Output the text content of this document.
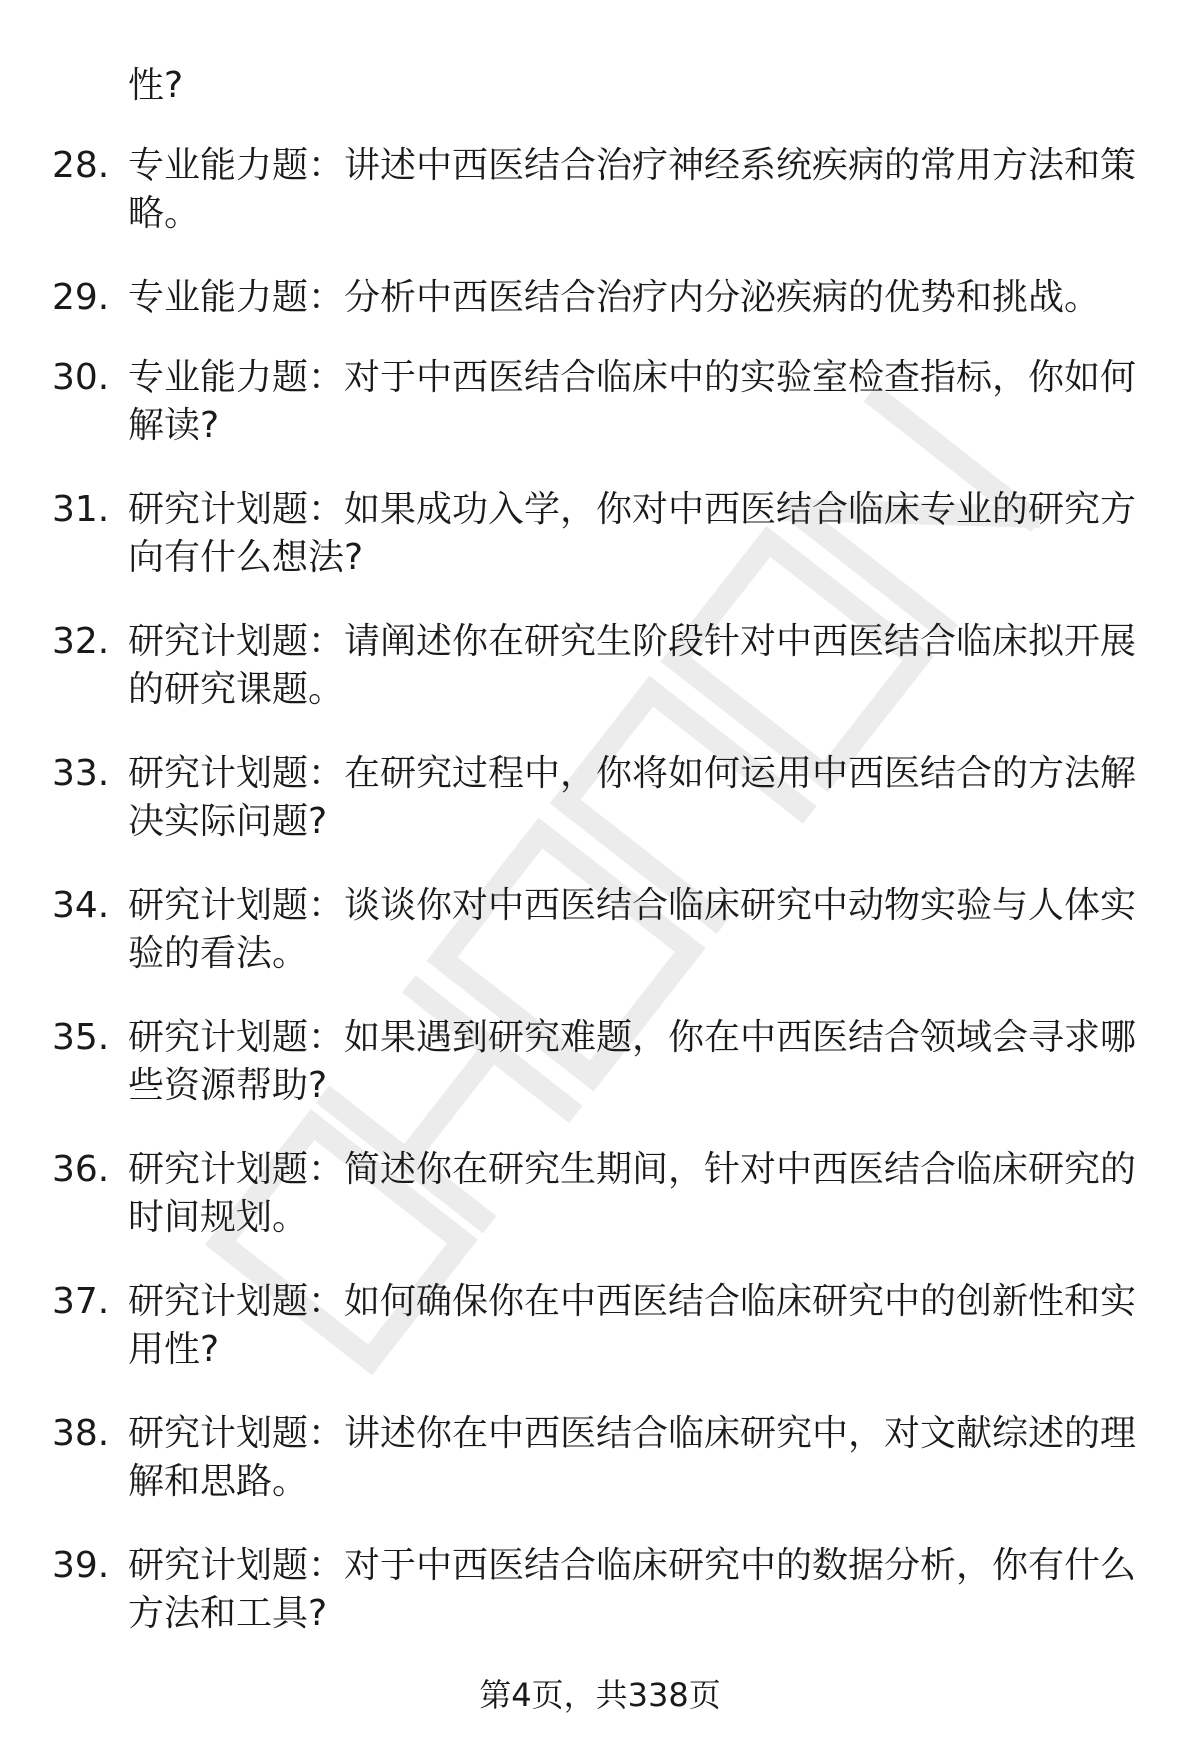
性?
28. 专业能力题：讲述中西医结合治疗神经系统疾病的常用方法和策略。
29. 专业能力题：分析中西医结合治疗内分泌疾病的优势和挑战。
30. 专业能力题：对于中西医结合临床中的实验室检查指标，你如何解读?
31. 研究计划题：如果成功入学，你对中西医结合临床专业的研究方向有什么想法?
32. 研究计划题：请阐述你在研究生阶段针对中西医结合临床拟开展的研究课题。
33. 研究计划题：在研究过程中，你将如何运用中西医结合的方法解决实际问题?
34. 研究计划题：谈谈你对中西医结合临床研究中动物实验与人体实验的看法。
35. 研究计划题：如果遇到研究难题，你在中西医结合领域会寻求哪些资源帮助?
36. 研究计划题：简述你在研究生期间，针对中西医结合临床研究的时间规划。
37. 研究计划题：如何确保你在中西医结合临床研究中的创新性和实用性?
38. 研究计划题：讲述你在中西医结合临床研究中，对文献综述的理解和思路。
39. 研究计划题：对于中西医结合临床研究中的数据分析，你有什么方法和工具?
第4页，共338页
